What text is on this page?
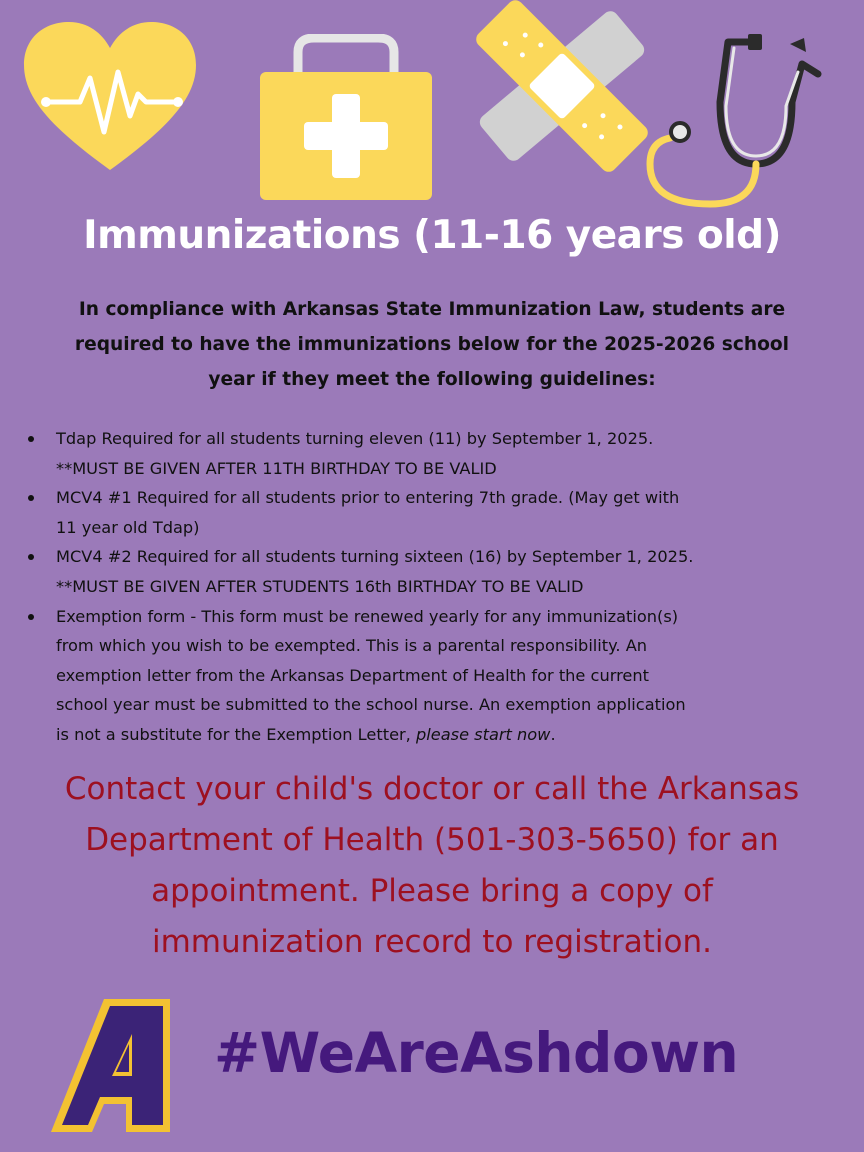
Immunizations (11-16 years old)
In compliance with Arkansas State Immunization Law, students are
required to have the immunizations below for the 2025-2026 school
year if they meet the following guidelines:
Tdap Required for all students turning eleven (11) by September 1, 2025.
**MUST BE GIVEN AFTER 11TH BIRTHDAY TO BE VALID
MCV4 #1 Required for all students prior to entering 7th grade. (May get with
11 year old Tdap)
MCV4 #2 Required for all students turning sixteen (16) by September 1, 2025.
**MUST BE GIVEN AFTER STUDENTS 16th BIRTHDAY TO BE VALID
Exemption form - This form must be renewed yearly for any immunization(s)
from which you wish to be exempted. This is a parental responsibility. An
exemption letter from the Arkansas Department of Health for the current
school year must be submitted to the school nurse. An exemption application
is not a substitute for the Exemption Letter, please start now.
Contact your child's doctor or call the Arkansas
Department of Health (501-303-5650) for an
appointment. Please bring a copy of
immunization record to registration.
#WeAreAshdown
